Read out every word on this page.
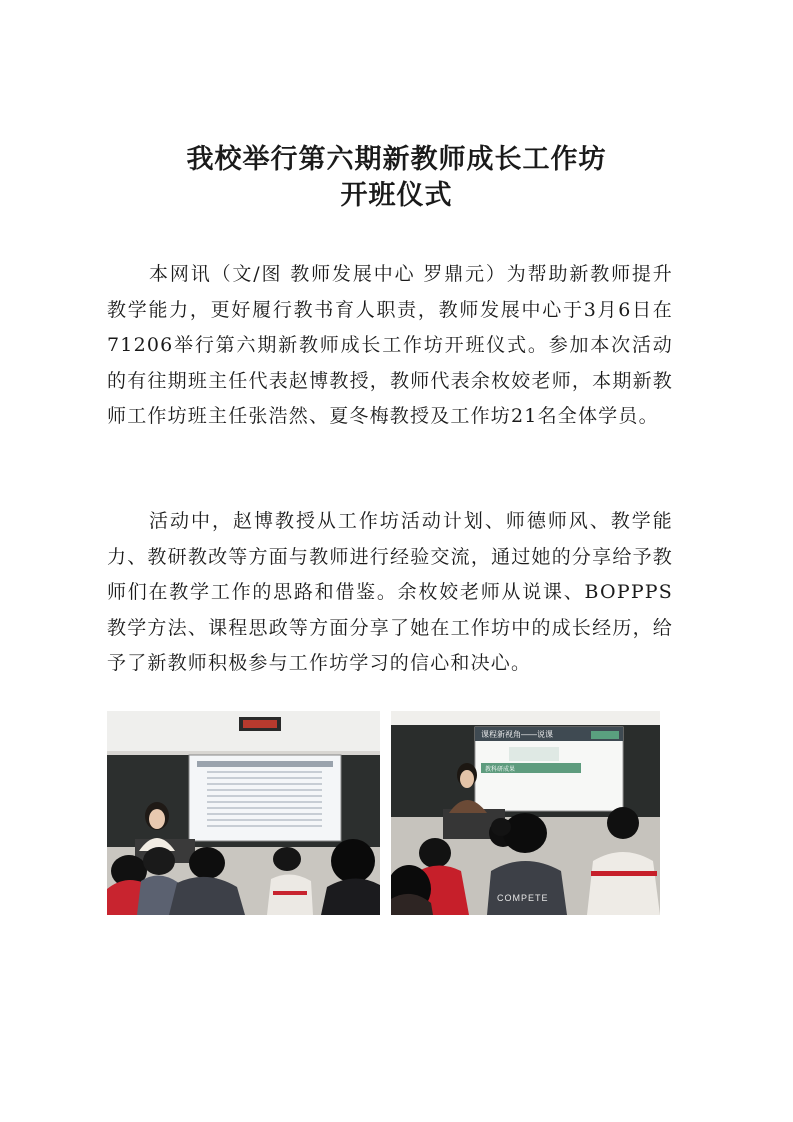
我校举行第六期新教师成长工作坊
开班仪式

本网讯（文/图 教师发展中心 罗鼎元）为帮助新教师提升教学能力，更好履行教书育人职责，教师发展中心于3月6日在71206举行第六期新教师成长工作坊开班仪式。参加本次活动的有往期班主任代表赵博教授，教师代表余枚姣老师，本期新教师工作坊班主任张浩然、夏冬梅教授及工作坊21名全体学员。

活动中，赵博教授从工作坊活动计划、师德师风、教学能力、教研教改等方面与教师进行经验交流，通过她的分享给予教师们在教学工作的思路和借鉴。余枚姣老师从说课、BOPPPS教学方法、课程思政等方面分享了她在工作坊中的成长经历，给予了新教师积极参与工作坊学习的信心和决心。

课程新视角——说课
教科研成果
COMPETE
